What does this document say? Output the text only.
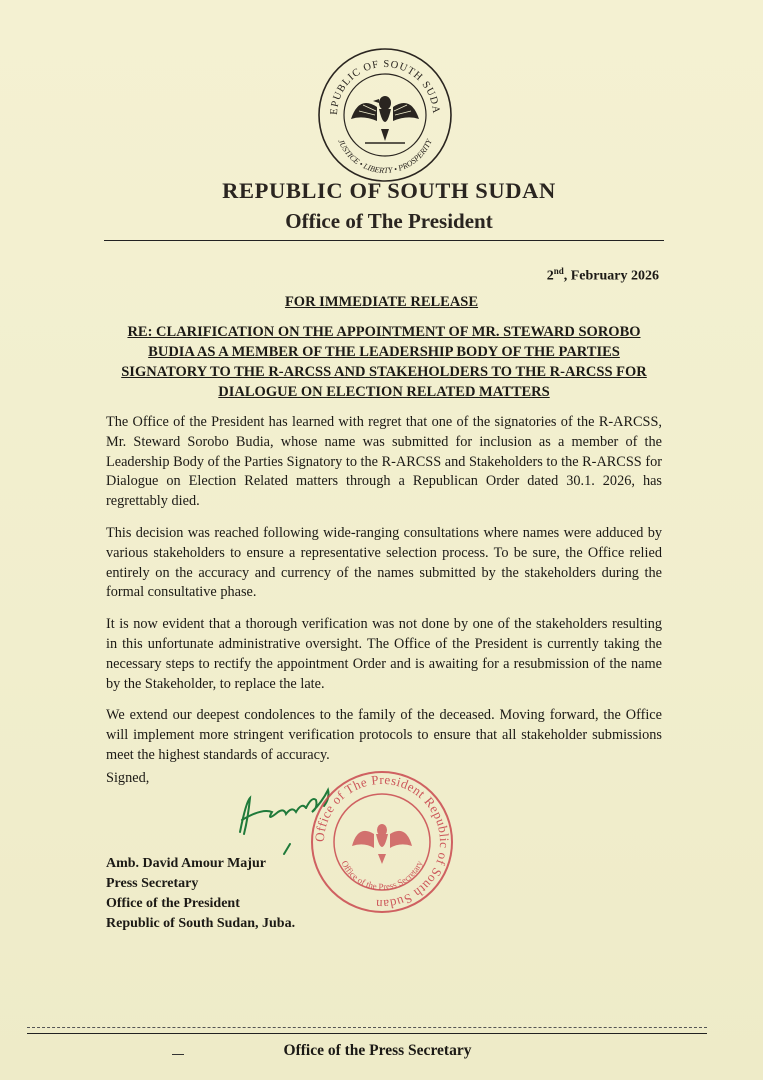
EPUBLIC OF SOUTH SUDA
JUSTICE • LIBERTY • PROSPERITY
REPUBLIC OF SOUTH SUDAN
Office of The President
2nd, February 2026
FOR IMMEDIATE RELEASE
RE: CLARIFICATION ON THE APPOINTMENT OF MR. STEWARD SOROBO BUDIA AS A MEMBER OF THE LEADERSHIP BODY OF THE PARTIES SIGNATORY TO THE R-ARCSS AND STAKEHOLDERS TO THE R-ARCSS FOR DIALOGUE ON ELECTION RELATED MATTERS

The Office of the President has learned with regret that one of the signatories of the R-ARCSS, Mr. Steward Sorobo Budia, whose name was submitted for inclusion as a member of the Leadership Body of the Parties Signatory to the R-ARCSS and Stakeholders to the R-ARCSS for Dialogue on Election Related matters through a Republican Order dated 30.1. 2026, has regrettably died.

This decision was reached following wide-ranging consultations where names were adduced by various stakeholders to ensure a representative selection process. To be sure, the Office relied entirely on the accuracy and currency of the names submitted by the stakeholders during the formal consultative phase.

It is now evident that a thorough verification was not done by one of the stakeholders resulting in this unfortunate administrative oversight. The Office of the President is currently taking the necessary steps to rectify the appointment Order and is awaiting for a resubmission of the name by the Stakeholder, to replace the late.

We extend our deepest condolences to the family of the deceased. Moving forward, the Office will implement more stringent verification protocols to ensure that all stakeholder submissions meet the highest standards of accuracy.

Signed,
Amb. David Amour Majur
Press Secretary
Office of the President
Republic of South Sudan, Juba.
Office of The President Republic of South Sudan
Office of the Press Secretary
Office of the Press Secretary
